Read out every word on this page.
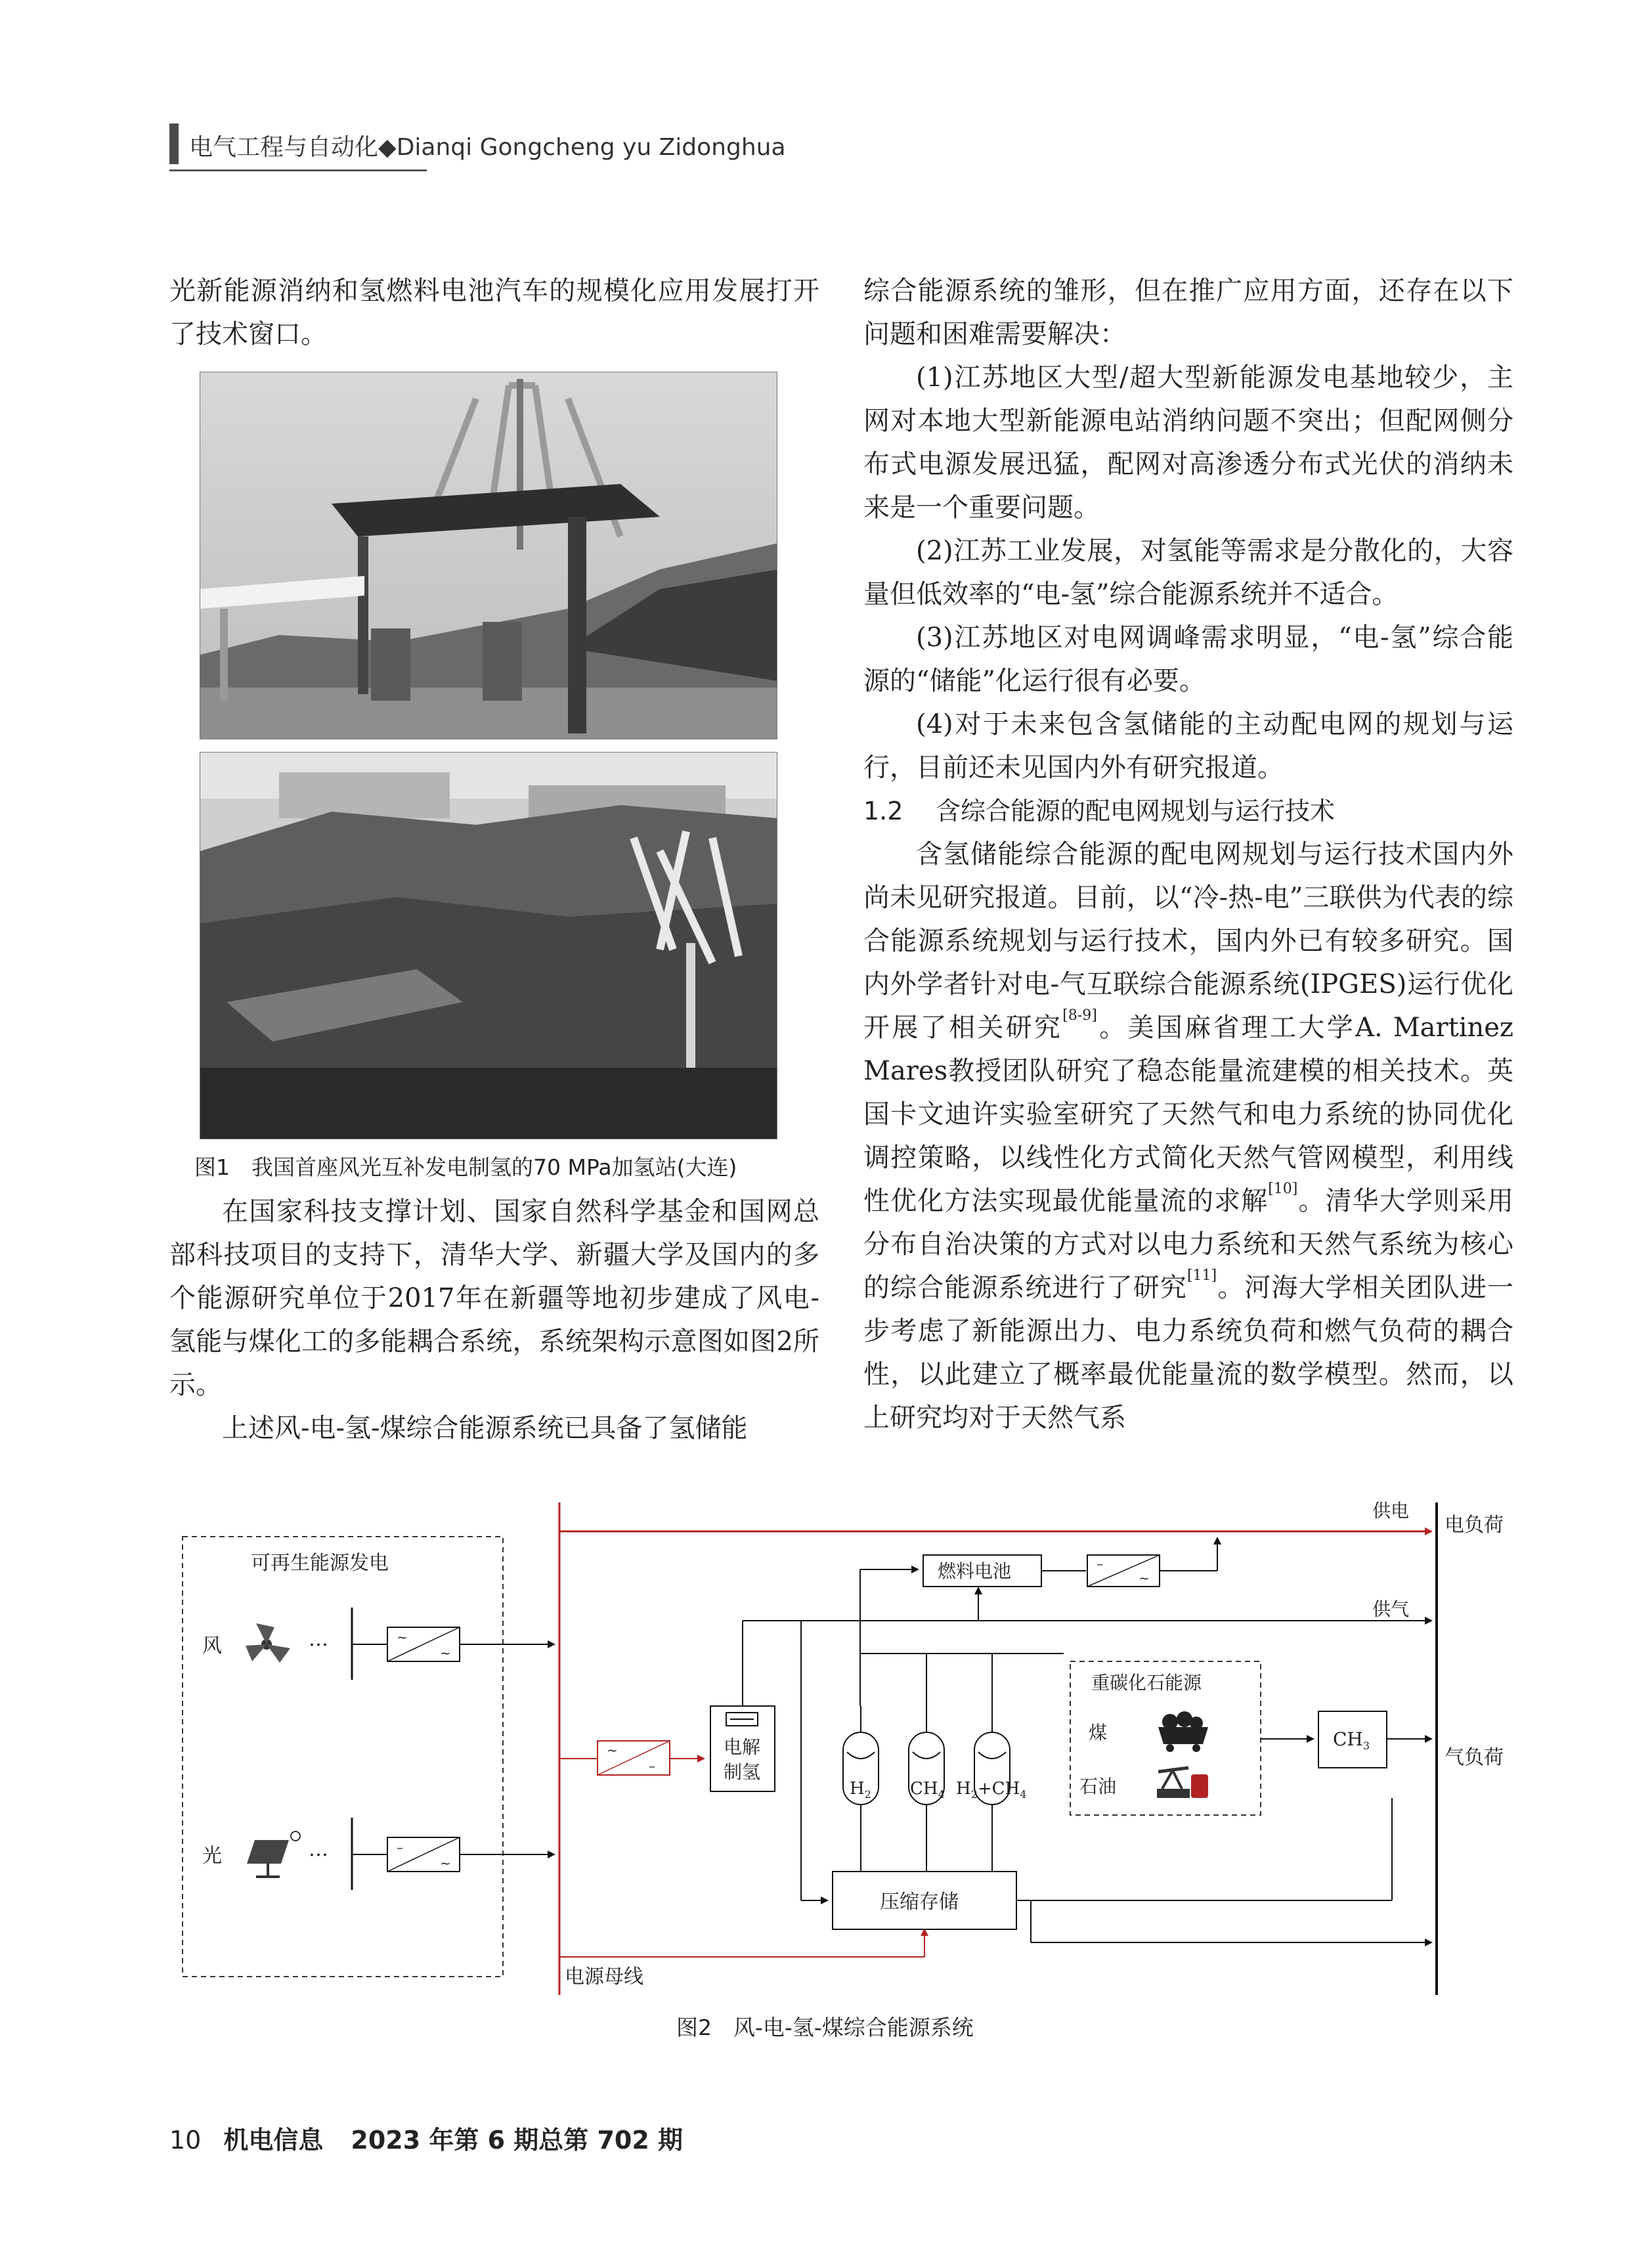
电气工程与自动化◆Dianqi Gongcheng yu Zidonghua

光新能源消纳和氢燃料电池汽车的规模化应用发展打开了技术窗口。

图1　我国首座风光互补发电制氢的70 MPa加氢站(大连)

在国家科技支撑计划、国家自然科学基金和国网总部科技项目的支持下，清华大学、新疆大学及国内的多个能源研究单位于2017年在新疆等地初步建成了风电-氢能与煤化工的多能耦合系统，系统架构示意图如图2所示。

上述风-电-氢-煤综合能源系统已具备了氢储能

综合能源系统的雏形，但在推广应用方面，还存在以下问题和困难需要解决：

(1)江苏地区大型/超大型新能源发电基地较少，主网对本地大型新能源电站消纳问题不突出；但配网侧分布式电源发展迅猛，配网对高渗透分布式光伏的消纳未来是一个重要问题。

(2)江苏工业发展，对氢能等需求是分散化的，大容量但低效率的“电-氢”综合能源系统并不适合。

(3)江苏地区对电网调峰需求明显，“电-氢”综合能源的“储能”化运行很有必要。

(4)对于未来包含氢储能的主动配电网的规划与运行，目前还未见国内外有研究报道。

1.2 含综合能源的配电网规划与运行技术

含氢储能综合能源的配电网规划与运行技术国内外尚未见研究报道。目前，以“冷-热-电”三联供为代表的综合能源系统规划与运行技术，国内外已有较多研究。国内外学者针对电-气互联综合能源系统(IPGES)运行优化开展了相关研究[8-9]。美国麻省理工大学A. Martinez Mares教授团队研究了稳态能量流建模的相关技术。英国卡文迪许实验室研究了天然气和电力系统的协同优化调控策略，以线性化方式简化天然气管网模型，利用线性优化方法实现最优能量流的求解[10]。清华大学则采用分布自治决策的方式对以电力系统和天然气系统为核心的综合能源系统进行了研究[11]。河海大学相关团队进一步考虑了新能源出力、电力系统负荷和燃气负荷的耦合性，以此建立了概率最优能量流的数学模型。然而，以上研究均对于天然气系

可再生能源发电
风	…	~
~
光	…	–
~
电源母线
供电
电负荷
~
–
电解
制氢
燃料电池	–
~
供气
$H_2$ $CH_4$ $H_2+CH_4$
压缩存储
重碳化石能源
煤
石油
$CH_3$
气负荷
图2　风-电-氢-煤综合能源系统
10 机电信息 2023 年第 6 期总第 702 期
